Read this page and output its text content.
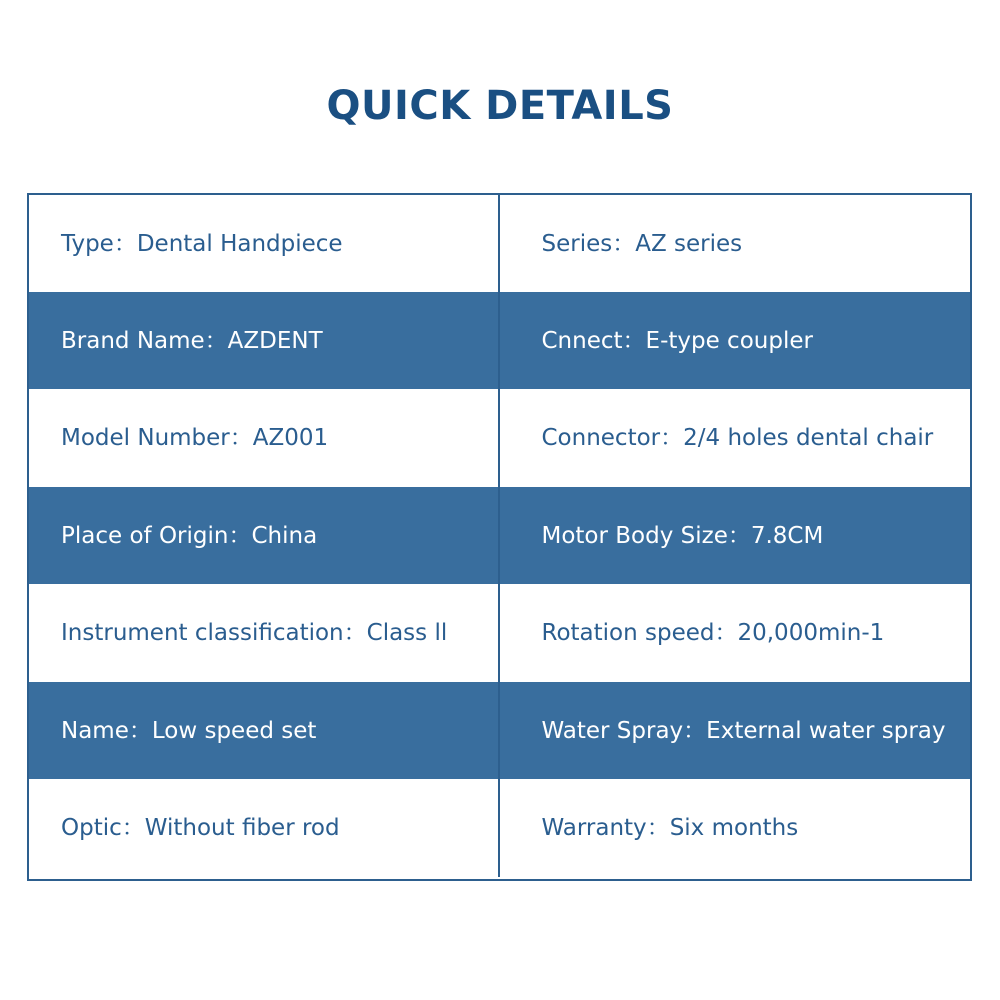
QUICK DETAILS
Type ： Dental Handpiece	Series ： AZ series
Brand Name ： AZDENT	Cnnect ： E-type coupler
Model Number ： AZ001	Connector ： 2/4 holes dental chair
Place of Origin ： China	Motor Body Size ： 7.8CM
Instrument classification ： Class ll	Rotation speed ： 20,000min-1
Name ： Low speed set	Water Spray ： External water spray
Optic ： Without fiber rod	Warranty ： Six months
